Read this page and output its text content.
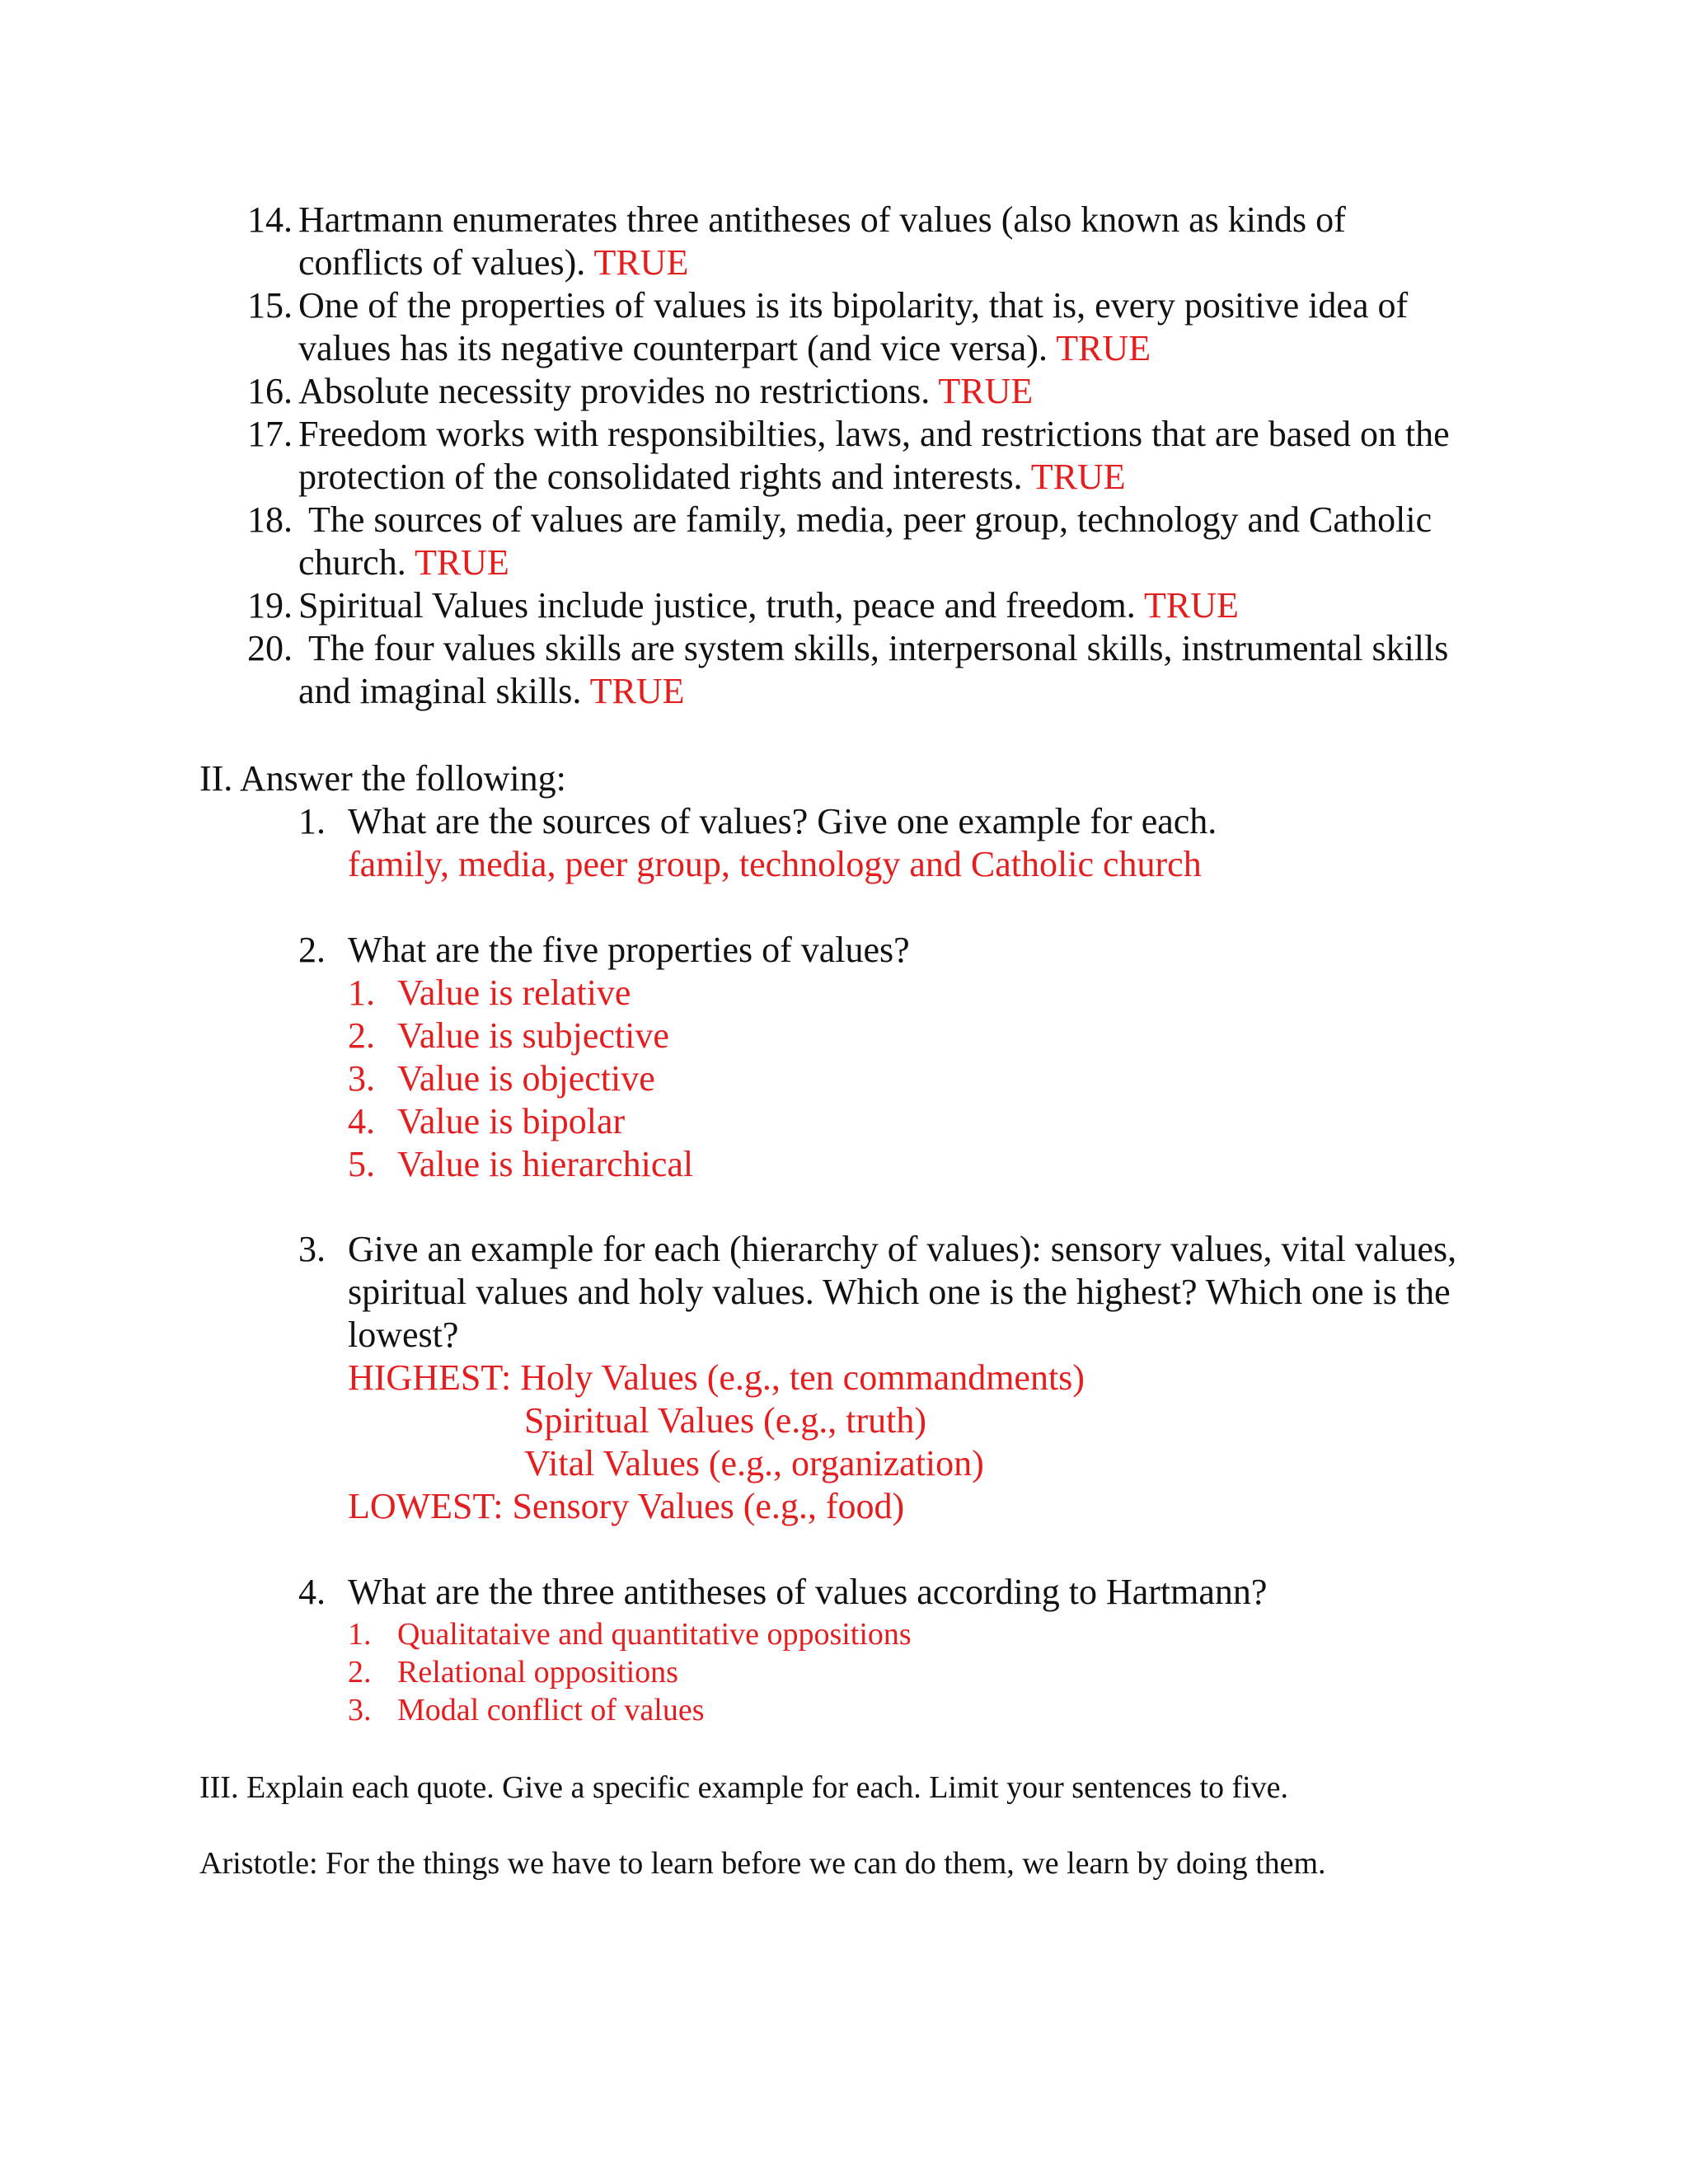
14. Hartmann enumerates three antitheses of values (also known as kinds of
conflicts of values). TRUE
15. One of the properties of values is its bipolarity, that is, every positive idea of
values has its negative counterpart (and vice versa). TRUE
16. Absolute necessity provides no restrictions. TRUE
17. Freedom works with responsibilties, laws, and restrictions that are based on the
protection of the consolidated rights and interests. TRUE
18. The sources of values are family, media, peer group, technology and Catholic
church. TRUE
19. Spiritual Values include justice, truth, peace and freedom. TRUE
20. The four values skills are system skills, interpersonal skills, instrumental skills
and imaginal skills. TRUE
II. Answer the following:
1. What are the sources of values? Give one example for each.
family, media, peer group, technology and Catholic church
2. What are the five properties of values?
1. Value is relative
2. Value is subjective
3. Value is objective
4. Value is bipolar
5. Value is hierarchical
3. Give an example for each (hierarchy of values): sensory values, vital values,
spiritual values and holy values. Which one is the highest? Which one is the
lowest?
HIGHEST: Holy Values (e.g., ten commandments)
Spiritual Values (e.g., truth)
Vital Values (e.g., organization)
LOWEST: Sensory Values (e.g., food)
4. What are the three antitheses of values according to Hartmann?
1. Qualitataive and quantitative oppositions
2. Relational oppositions
3. Modal conflict of values
III. Explain each quote. Give a specific example for each. Limit your sentences to five.
Aristotle: For the things we have to learn before we can do them, we learn by doing them.
